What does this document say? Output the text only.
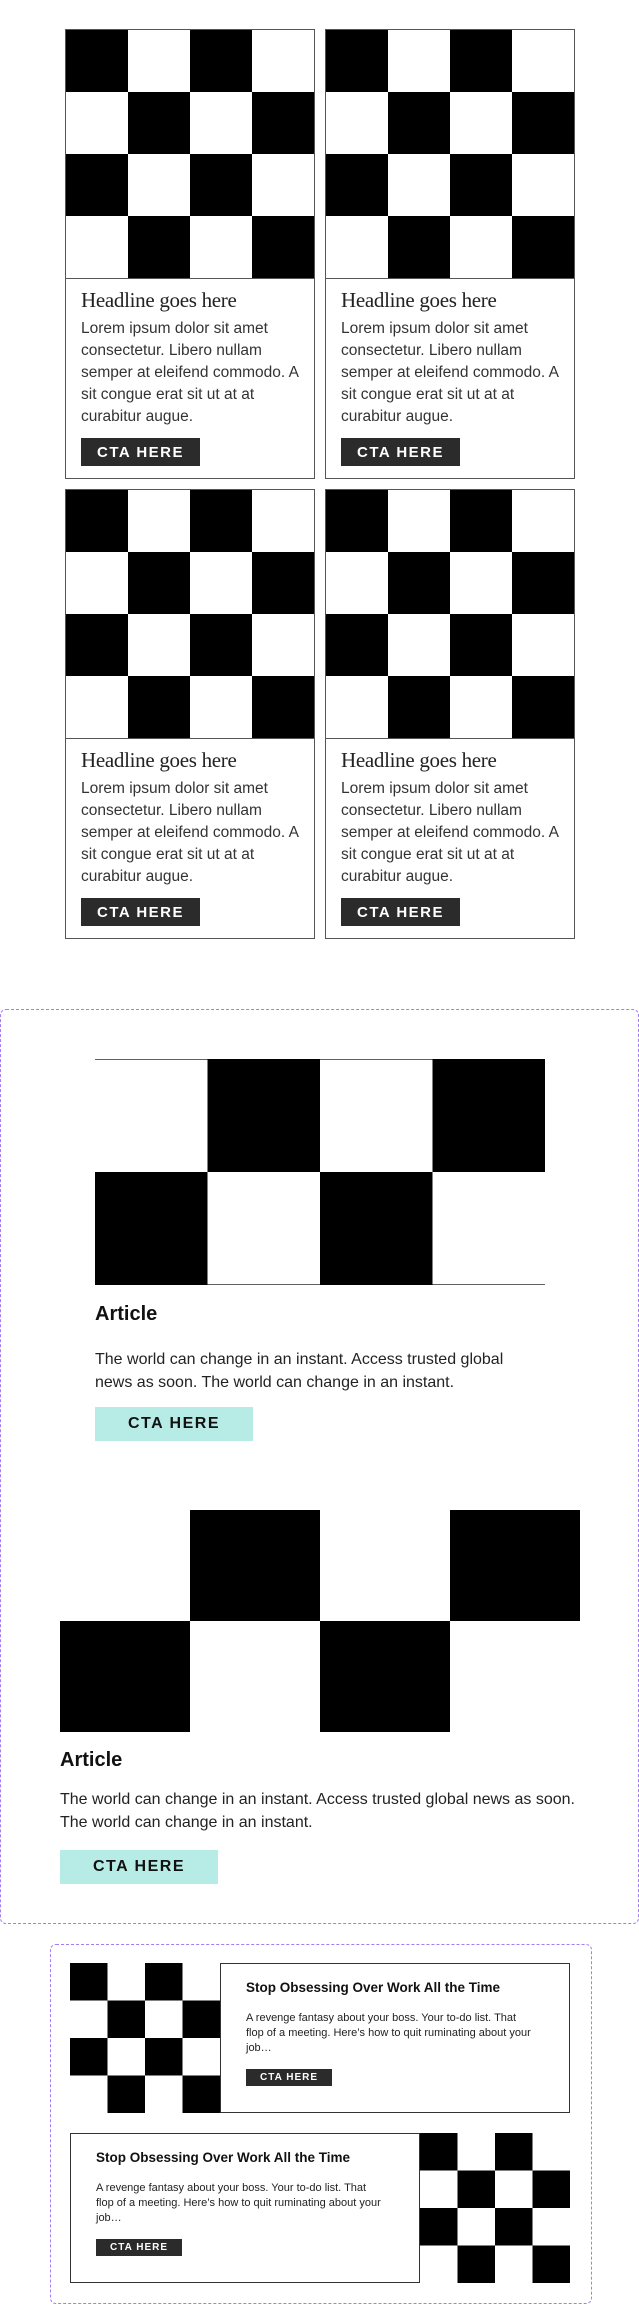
Headline goes here

Lorem ipsum dolor sit amet consectetur. Libero nullam semper at eleifend commodo. A sit congue erat sit ut at at curabitur augue.

CTA HERE
Headline goes here

Lorem ipsum dolor sit amet consectetur. Libero nullam semper at eleifend commodo. A sit congue erat sit ut at at curabitur augue.

CTA HERE
Headline goes here

Lorem ipsum dolor sit amet consectetur. Libero nullam semper at eleifend commodo. A sit congue erat sit ut at at curabitur augue.

CTA HERE
Headline goes here

Lorem ipsum dolor sit amet consectetur. Libero nullam semper at eleifend commodo. A sit congue erat sit ut at at curabitur augue.

CTA HERE
Article

The world can change in an instant. Access trusted global news as soon. The world can change in an instant.

CTA HERE
Article

The world can change in an instant. Access trusted global news as soon. The world can change in an instant.

CTA HERE
Stop Obsessing Over Work All the Time

A revenge fantasy about your boss. Your to-do list. That flop of a meeting. Here’s how to quit ruminating about your job…

CTA HERE
Stop Obsessing Over Work All the Time

A revenge fantasy about your boss. Your to-do list. That flop of a meeting. Here’s how to quit ruminating about your job…

CTA HERE
